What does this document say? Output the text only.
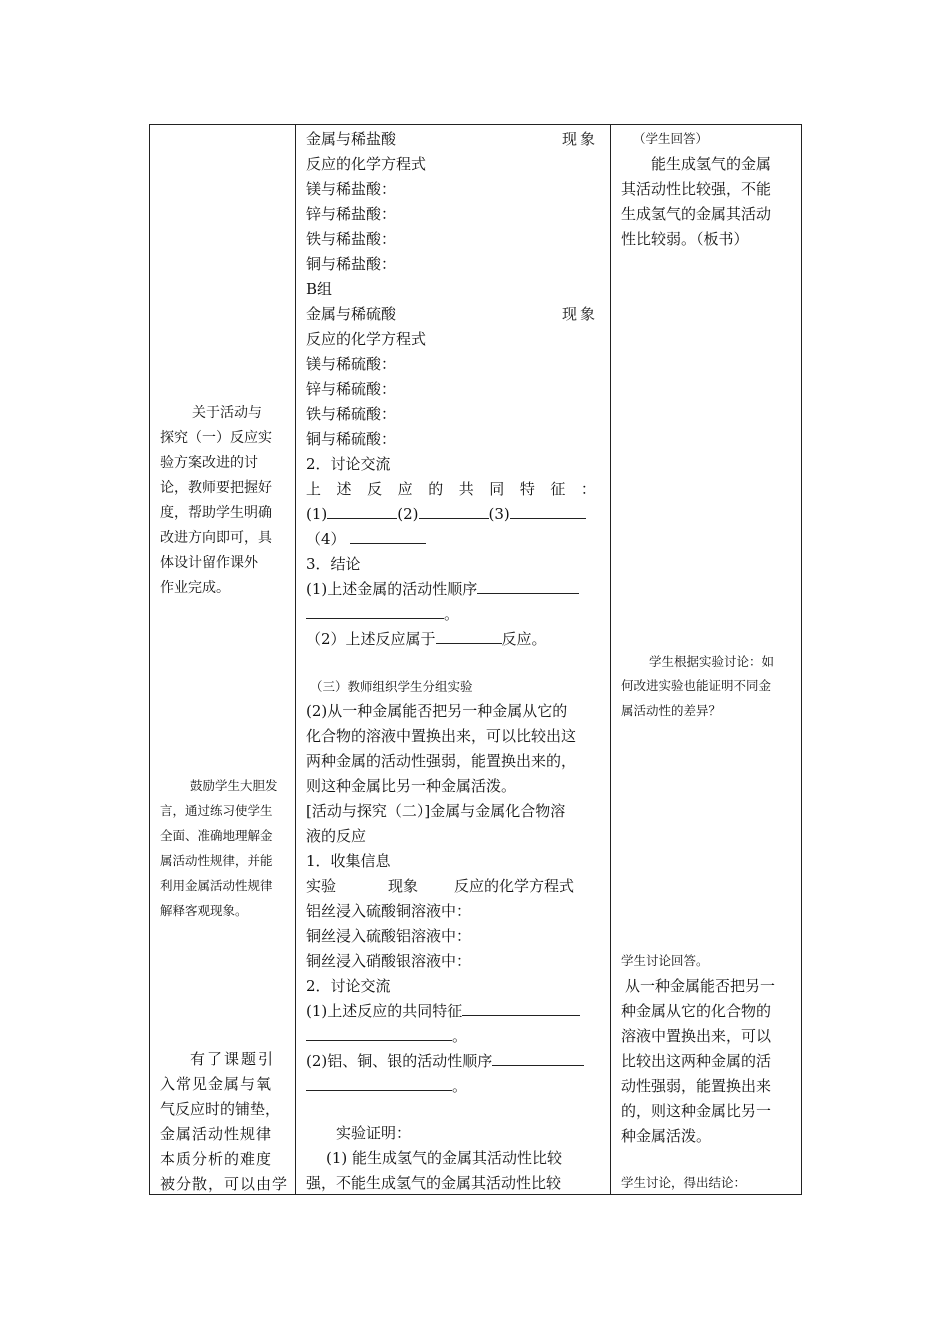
关于活动与
探究（一）反应实
验方案改进的讨
论，教师要把握好
度，帮助学生明确
改进方向即可，具
体设计留作课外
作业完成。
鼓励学生大胆发
言，通过练习使学生
全面、准确地理解金
属活动性规律，并能
利用金属活动性规律
解释客观现象。
有了课题引
入常见金属与氧
气反应时的铺垫，
金属活动性规律
本质分析的难度
被分散，可以由学
金属与稀盐酸	现象
反应的化学方程式
镁与稀盐酸：
锌与稀盐酸：
铁与稀盐酸：
铜与稀盐酸：
B组
金属与稀硫酸	现象
反应的化学方程式
镁与稀硫酸：
锌与稀硫酸：
铁与稀硫酸：
铜与稀硫酸：
2．讨论交流
上 述 反 应 的 共 同 特 征 ：
(1)	(2)	(3)
（4）
3．结论
(1)上述金属的活动性顺序
。
（2）上述反应属于	反应。
（三）教师组织学生分组实验
(2)从一种金属能否把另一种金属从它的
化合物的溶液中置换出来，可以比较出这
两种金属的活动性强弱，能置换出来的，
则这种金属比另一种金属活泼。
[活动与探究（二）]金属与金属化合物溶
液的反应
1．收集信息
实验	现象 反应的化学方程式
铝丝浸入硫酸铜溶液中：
铜丝浸入硫酸铝溶液中：
铜丝浸入硝酸银溶液中：
2．讨论交流
(1)上述反应的共同特征
。
(2)铝、铜、银的活动性顺序
。
实验证明：
(1) 能生成氢气的金属其活动性比较
强，不能生成氢气的金属其活动性比较
（学生回答）
能生成氢气的金属
其活动性比较强，不能
生成氢气的金属其活动
性比较弱。（板书）
学生根据实验讨论：如
何改进实验也能证明不同金
属活动性的差异？
学生讨论回答。
从一种金属能否把另一
种金属从它的化合物的
溶液中置换出来，可以
比较出这两种金属的活
动性强弱，能置换出来
的，则这种金属比另一
种金属活泼。
学生讨论，得出结论：
